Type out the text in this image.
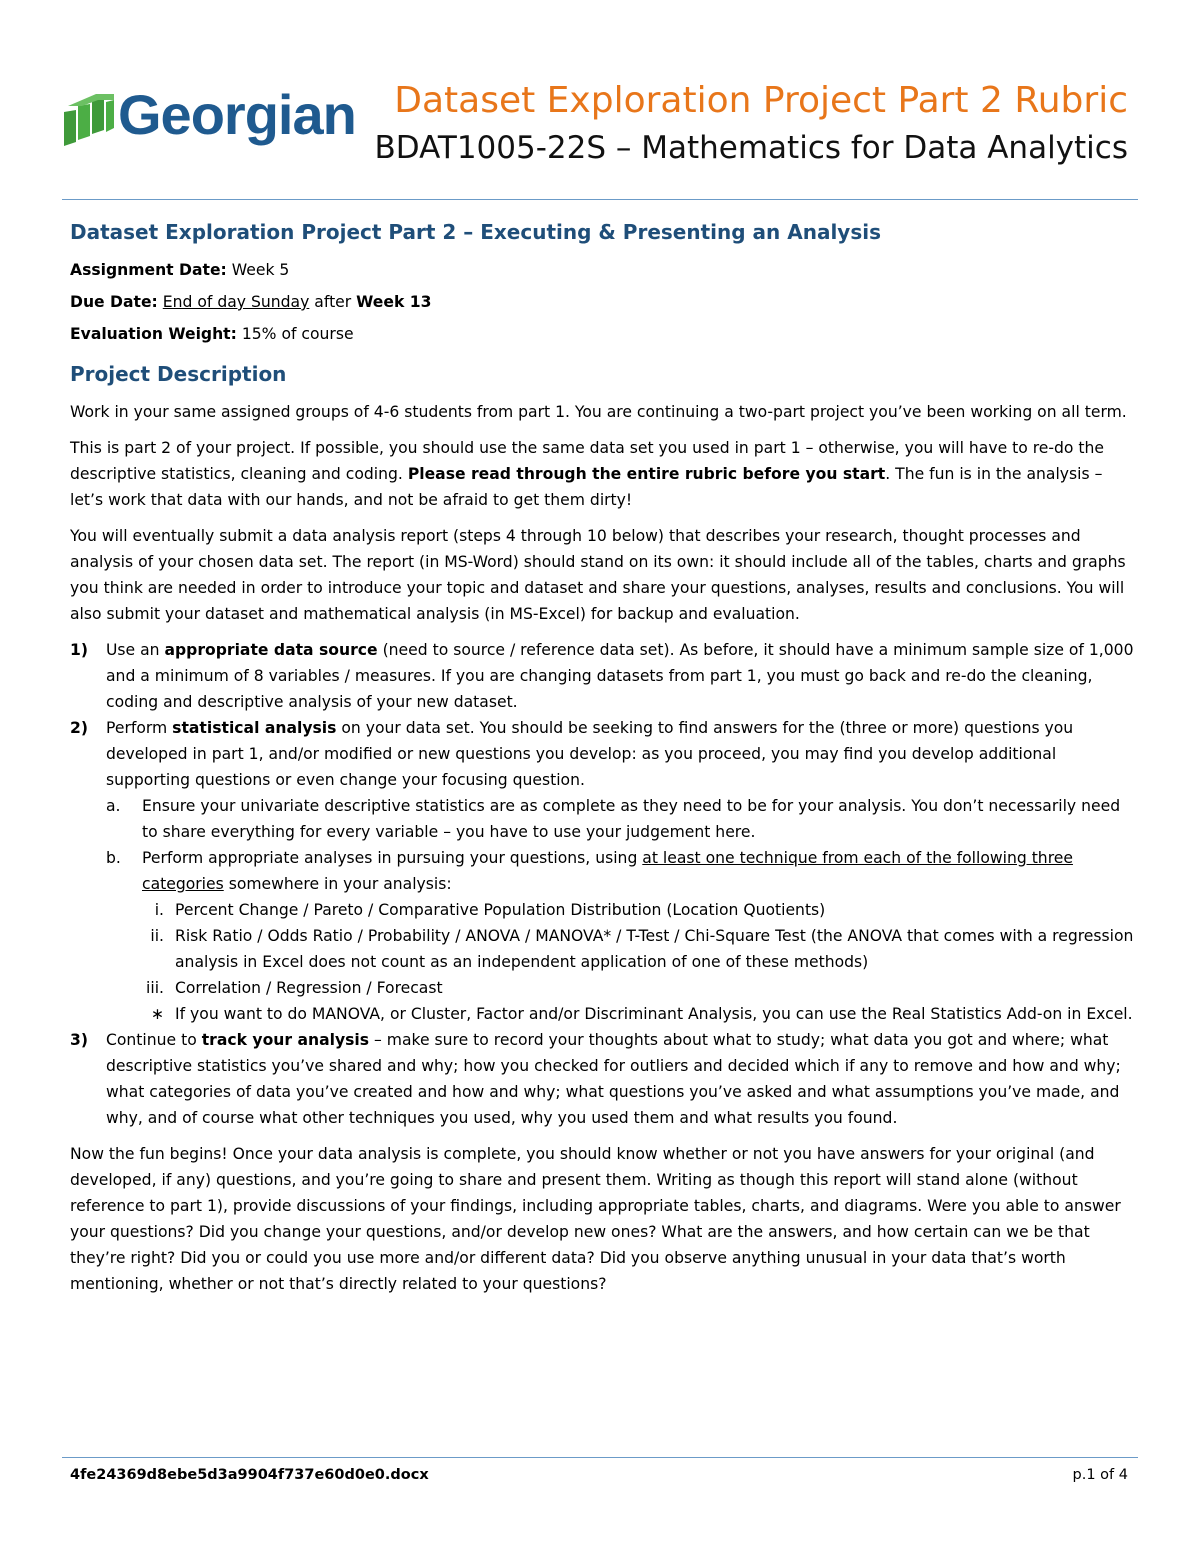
Georgian Dataset Exploration Project Part 2 Rubric
BDAT1005-22S – Mathematics for Data Analytics
Dataset Exploration Project Part 2 – Executing & Presenting an Analysis

Assignment Date: Week 5

Due Date: End of day Sunday after Week 13

Evaluation Weight: 15% of course

Project Description

Work in your same assigned groups of 4-6 students from part 1. You are continuing a two-part project you’ve been working on all term.

This is part 2 of your project. If possible, you should use the same data set you used in part 1 – otherwise, you will have to re-do the descriptive statistics, cleaning and coding. Please read through the entire rubric before you start. The fun is in the analysis – let’s work that data with our hands, and not be afraid to get them dirty!

You will eventually submit a data analysis report (steps 4 through 10 below) that describes your research, thought processes and analysis of your chosen data set. The report (in MS-Word) should stand on its own: it should include all of the tables, charts and graphs you think are needed in order to introduce your topic and dataset and share your questions, analyses, results and conclusions. You will also submit your dataset and mathematical analysis (in MS-Excel) for backup and evaluation.

1) Use an appropriate data source (need to source / reference data set). As before, it should have a minimum sample size of 1,000 and a minimum of 8 variables / measures. If you are changing datasets from part 1, you must go back and re-do the cleaning, coding and descriptive analysis of your new dataset.
2) Perform statistical analysis on your data set. You should be seeking to find answers for the (three or more) questions you developed in part 1, and/or modified or new questions you develop: as you proceed, you may find you develop additional supporting questions or even change your focusing question.
a. Ensure your univariate descriptive statistics are as complete as they need to be for your analysis. You don’t necessarily need to share everything for every variable – you have to use your judgement here.
b. Perform appropriate analyses in pursuing your questions, using at least one technique from each of the following three categories somewhere in your analysis:
i. Percent Change / Pareto / Comparative Population Distribution (Location Quotients)
ii. Risk Ratio / Odds Ratio / Probability / ANOVA / MANOVA* / T-Test / Chi-Square Test (the ANOVA that comes with a regression analysis in Excel does not count as an independent application of one of these methods)
iii. Correlation / Regression / Forecast
∗ If you want to do MANOVA, or Cluster, Factor and/or Discriminant Analysis, you can use the Real Statistics Add-on in Excel.
3) Continue to track your analysis – make sure to record your thoughts about what to study; what data you got and where; what descriptive statistics you’ve shared and why; how you checked for outliers and decided which if any to remove and how and why; what categories of data you’ve created and how and why; what questions you’ve asked and what assumptions you’ve made, and why, and of course what other techniques you used, why you used them and what results you found.

Now the fun begins! Once your data analysis is complete, you should know whether or not you have answers for your original (and developed, if any) questions, and you’re going to share and present them. Writing as though this report will stand alone (without reference to part 1), provide discussions of your findings, including appropriate tables, charts, and diagrams. Were you able to answer your questions? Did you change your questions, and/or develop new ones? What are the answers, and how certain can we be that they’re right? Did you or could you use more and/or different data? Did you observe anything unusual in your data that’s worth mentioning, whether or not that’s directly related to your questions?

4fe24369d8ebe5d3a9904f737e60d0e0.docx	p.1 of 4
